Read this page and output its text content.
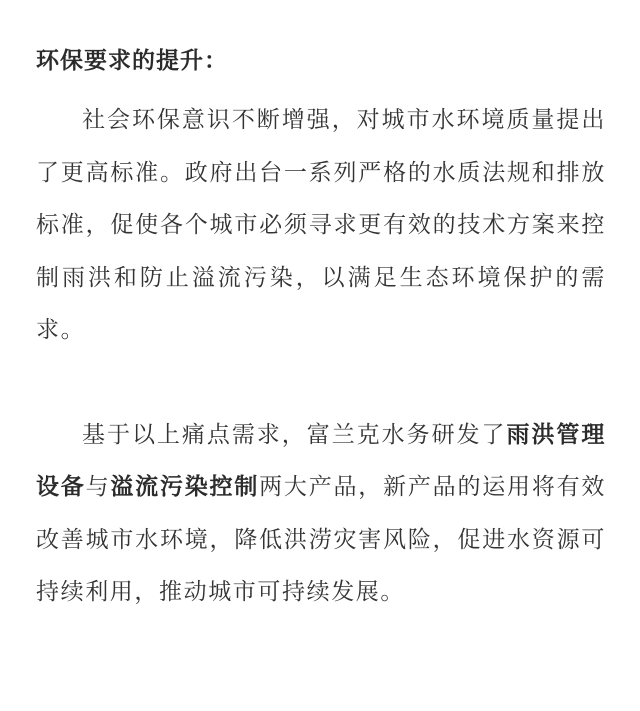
环保要求的提升：

社会环保意识不断增强，对城市水环境质量提出了更高标准。政府出台一系列严格的水质法规和排放标准，促使各个城市必须寻求更有效的技术方案来控制雨洪和防止溢流污染，以满足生态环境保护的需求。

基于以上痛点需求，富兰克水务研发了雨洪管理设备与溢流污染控制两大产品，新产品的运用将有效改善城市水环境，降低洪涝灾害风险，促进水资源可持续利用，推动城市可持续发展。
